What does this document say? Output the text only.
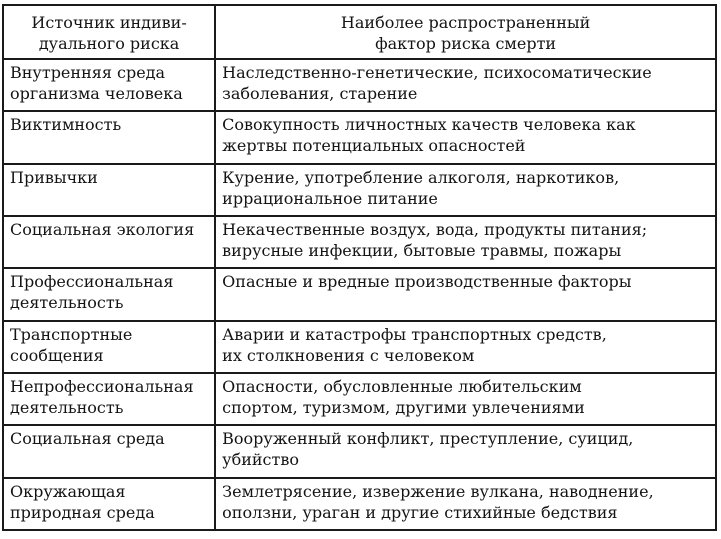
Источник индиви-
дуального риска	Наиболее распространенный
фактор риска смерти

Внутренняя среда
организма человека	Наследственно-генетические, психосоматические
заболевания, старение

Виктимность	Совокупность личностных качеств человека как
жертвы потенциальных опасностей

Привычки	Курение, употребление алкоголя, наркотиков,
иррациональное питание

Социальная экология	Некачественные воздух, вода, продукты питания;
вирусные инфекции, бытовые травмы, пожары

Профессиональная
деятельность	Опасные и вредные производственные факторы

Транспортные
сообщения	Аварии и катастрофы транспортных средств,
их столкновения с человеком

Непрофессиональная
деятельность	Опасности, обусловленные любительским
спортом, туризмом, другими увлечениями

Социальная среда	Вооруженный конфликт, преступление, суицид,
убийство

Окружающая
природная среда	Землетрясение, извержение вулкана, наводнение,
оползни, ураган и другие стихийные бедствия
